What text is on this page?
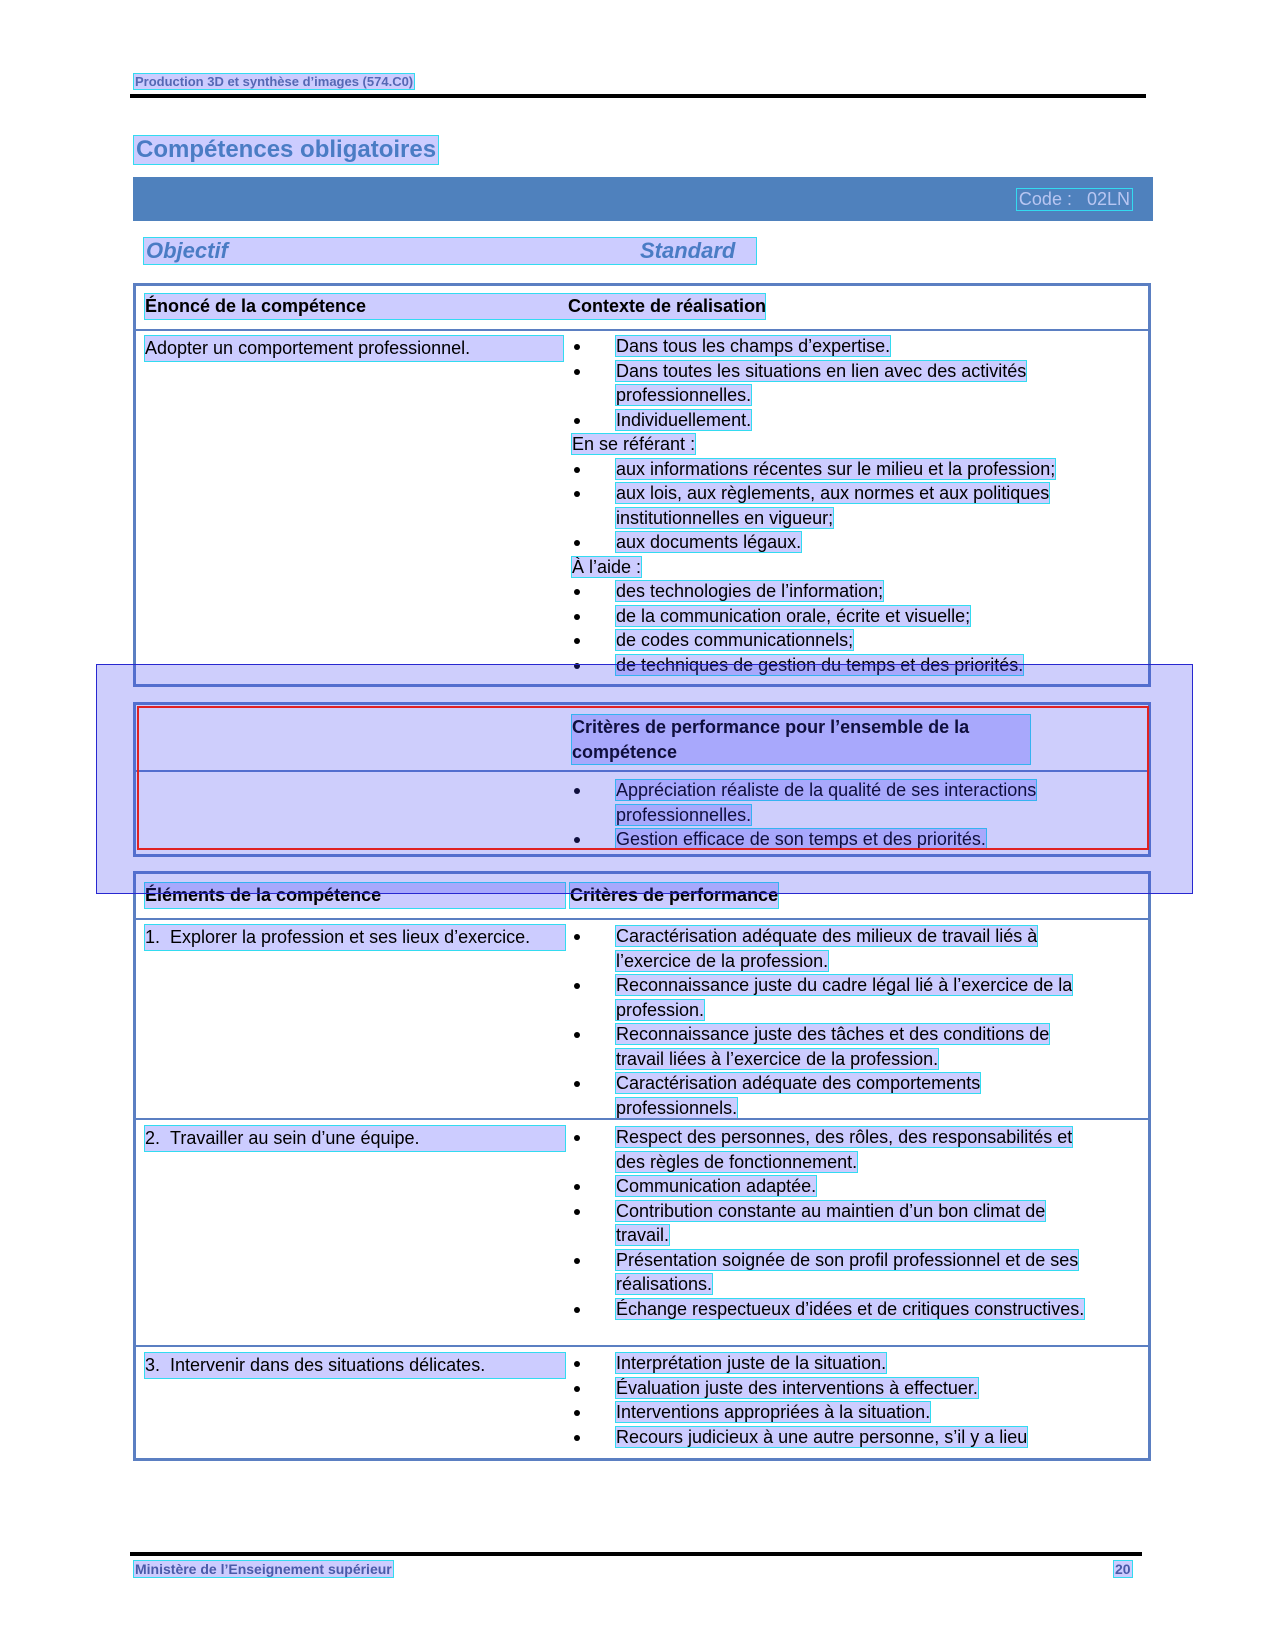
Production 3D et synthèse d’images (574.C0)
Compétences obligatoires
Code :   02LN
Objectif	Standard
Énoncé de la compétence	Contexte de réalisation
Adopter un comportement professionnel.	Dans tous les champs d’expertise.
Dans toutes les situations en lien avec des activités professionnelles.
Individuellement.
En se référant :
aux informations récentes sur le milieu et la profession;
aux lois, aux règlements, aux normes et aux politiques institutionnelles en vigueur;
aux documents légaux.
À l’aide :
des technologies de l’information;
de la communication orale, écrite et visuelle;
de codes communicationnels;
de techniques de gestion du temps et des priorités.
Critères de performance pour l’ensemble de la compétence
Appréciation réaliste de la qualité de ses interactions professionnelles.
Gestion efficace de son temps et des priorités.
Éléments de la compétence	Critères de performance
1.  Explorer la profession et ses lieux d’exercice.	Caractérisation adéquate des milieux de travail liés à l’exercice de la profession.
Reconnaissance juste du cadre légal lié à l’exercice de la profession.
Reconnaissance juste des tâches et des conditions de travail liées à l’exercice de la profession.
Caractérisation adéquate des comportements professionnels.
2.  Travailler au sein d’une équipe.	Respect des personnes, des rôles, des responsabilités et des règles de fonctionnement.
Communication adaptée.
Contribution constante au maintien d’un bon climat de travail.
Présentation soignée de son profil professionnel et de ses réalisations.
Échange respectueux d’idées et de critiques constructives.
3.  Intervenir dans des situations délicates.	Interprétation juste de la situation.
Évaluation juste des interventions à effectuer.
Interventions appropriées à la situation.
Recours judicieux à une autre personne, s’il y a lieu
Ministère de l’Enseignement supérieur	20
